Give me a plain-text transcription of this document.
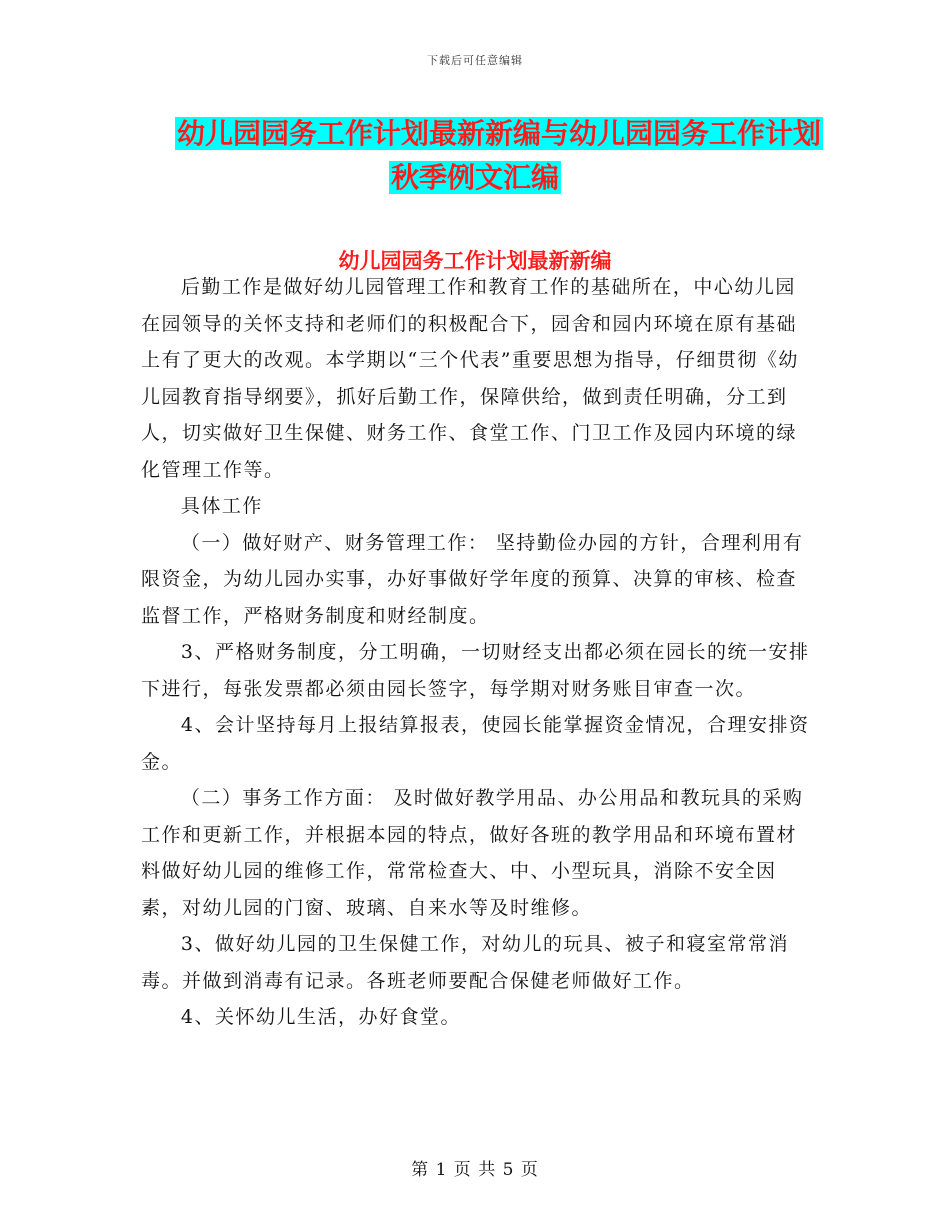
下载后可任意编辑
幼儿园园务工作计划最新新编与幼儿园园务工作计划
秋季例文汇编
幼儿园园务工作计划最新新编

后勤工作是做好幼儿园管理工作和教育工作的基础所在，中心幼儿园在园领导的关怀支持和老师们的积极配合下，园舍和园内环境在原有基础上有了更大的改观。本学期以“三个代表”重要思想为指导，仔细贯彻《幼儿园教育指导纲要》，抓好后勤工作，保障供给，做到责任明确，分工到人，切实做好卫生保健、财务工作、食堂工作、门卫工作及园内环境的绿化管理工作等。

具体工作

（一）做好财产、财务管理工作： 坚持勤俭办园的方针，合理利用有限资金，为幼儿园办实事，办好事做好学年度的预算、决算的审核、检查监督工作，严格财务制度和财经制度。

3、严格财务制度，分工明确，一切财经支出都必须在园长的统一安排下进行，每张发票都必须由园长签字，每学期对财务账目审查一次。

4、会计坚持每月上报结算报表，使园长能掌握资金情况，合理安排资金。

（二）事务工作方面： 及时做好教学用品、办公用品和教玩具的采购工作和更新工作，并根据本园的特点，做好各班的教学用品和环境布置材料做好幼儿园的维修工作，常常检查大、中、小型玩具，消除不安全因素，对幼儿园的门窗、玻璃、自来水等及时维修。

3、做好幼儿园的卫生保健工作，对幼儿的玩具、被子和寝室常常消毒。并做到消毒有记录。各班老师要配合保健老师做好工作。

4、关怀幼儿生活，办好食堂。

第 1 页 共 5 页
